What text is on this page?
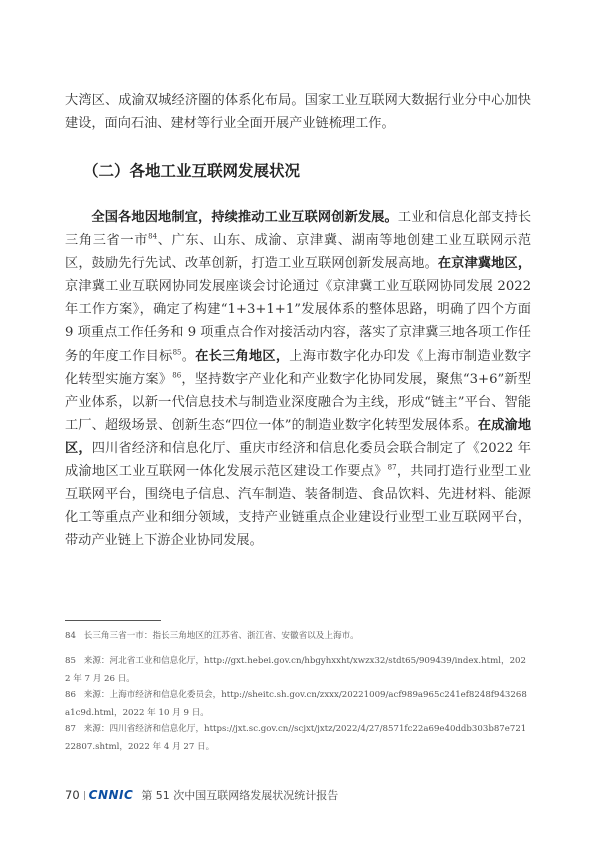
大湾区、成渝双城经济圈的体系化布局。国家工业互联网大数据行业分中心加快建设，面向石油、建材等行业全面开展产业链梳理工作。

（二）各地工业互联网发展状况

全国各地因地制宜，持续推动工业互联网创新发展。工业和信息化部支持长三角三省一市$^{84}$、广东、山东、成渝、京津冀、湖南等地创建工业互联网示范区，鼓励先行先试、改革创新，打造工业互联网创新发展高地。在京津冀地区，京津冀工业互联网协同发展座谈会讨论通过《京津冀工业互联网协同发展 2022 年工作方案》，确定了构建“1+3+1+1”发展体系的整体思路，明确了四个方面 9 项重点工作任务和 9 项重点合作对接活动内容，落实了京津冀三地各项工作任务的年度工作目标$^{85}$。在长三角地区，上海市数字化办印发《上海市制造业数字化转型实施方案》$^{86}$，坚持数字产业化和产业数字化协同发展，聚焦“3+6”新型产业体系，以新一代信息技术与制造业深度融合为主线，形成“链主”平台、智能工厂、超级场景、创新生态“四位一体”的制造业数字化转型发展体系。在成渝地区，四川省经济和信息化厅、重庆市经济和信息化委员会联合制定了《2022 年成渝地区工业互联网一体化发展示范区建设工作要点》$^{87}$，共同打造行业型工业互联网平台，围绕电子信息、汽车制造、装备制造、食品饮料、先进材料、能源化工等重点产业和细分领域，支持产业链重点企业建设行业型工业互联网平台，带动产业链上下游企业协同发展。

84 长三角三省一市：指长三角地区的江苏省、浙江省、安徽省以及上海市。

85 来源：河北省工业和信息化厅，http://gxt.hebei.gov.cn/hbgyhxxht/xwzx32/stdt65/909439/index.html，2022 年 7 月 26 日。

86 来源：上海市经济和信息化委员会，http://sheitc.sh.gov.cn/zxxx/20221009/acf989a965c241ef8248f943268a1c9d.html，2022 年 10 月 9 日。

87 来源：四川省经济和信息化厅，https://jxt.sc.gov.cn//scjxt/jxtz/2022/4/27/8571fc22a69e40ddb303b87e72122807.shtml，2022 年 4 月 27 日。

70 CNNIC 第 51 次中国互联网络发展状况统计报告
